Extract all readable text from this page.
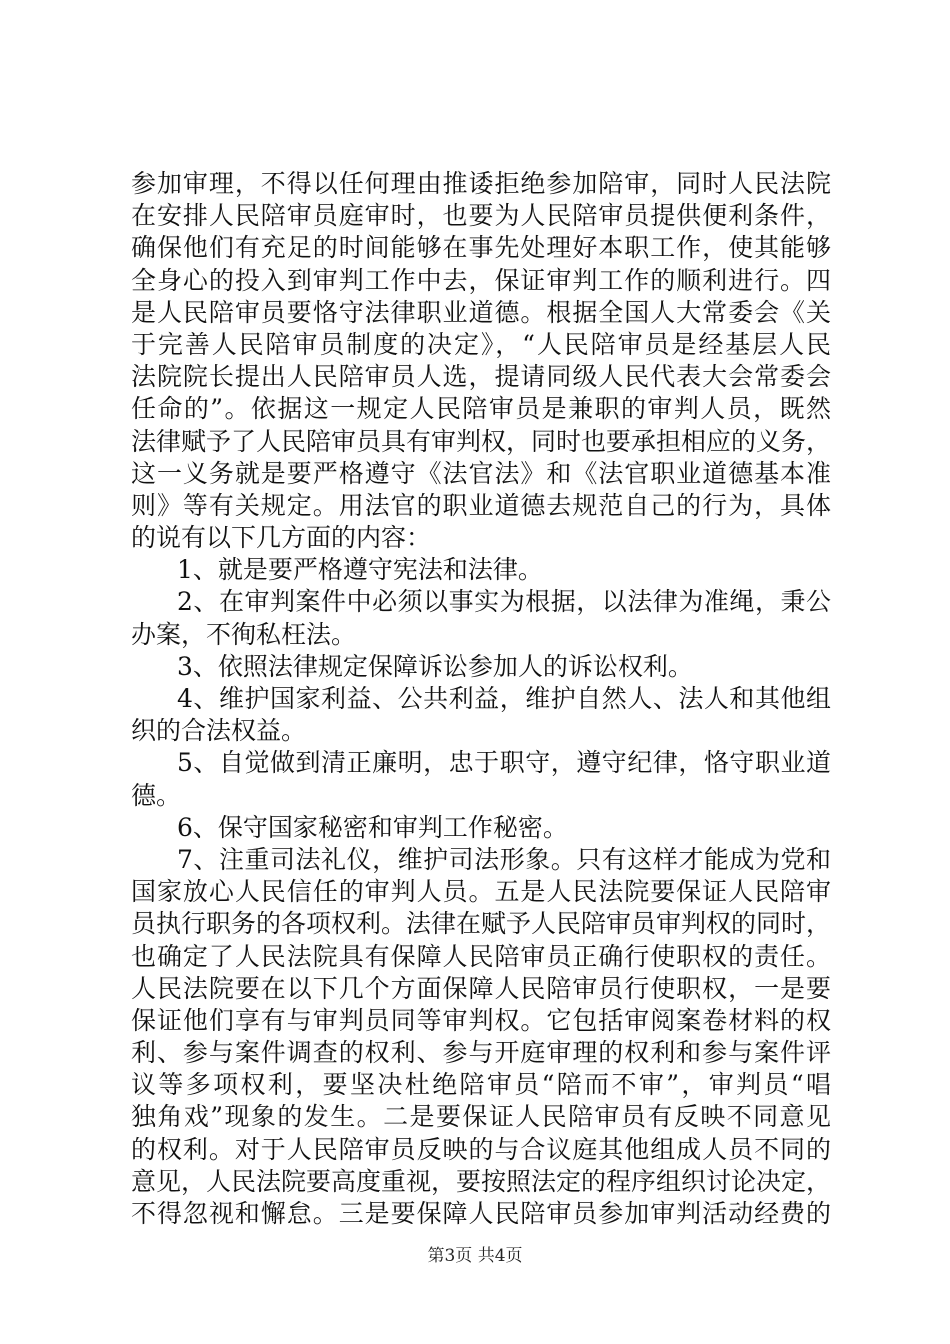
参加审理，不得以任何理由推诿拒绝参加陪审，同时人民法院
在安排人民陪审员庭审时，也要为人民陪审员提供便利条件，
确保他们有充足的时间能够在事先处理好本职工作，使其能够
全身心的投入到审判工作中去，保证审判工作的顺利进行。四
是人民陪审员要恪守法律职业道德。根据全国人大常委会《关
于完善人民陪审员制度的决定》，“人民陪审员是经基层人民
法院院长提出人民陪审员人选，提请同级人民代表大会常委会
任命的”。依据这一规定人民陪审员是兼职的审判人员，既然
法律赋予了人民陪审员具有审判权，同时也要承担相应的义务，
这一义务就是要严格遵守《法官法》和《法官职业道德基本准
则》等有关规定。用法官的职业道德去规范自己的行为，具体
的说有以下几方面的内容：
1、就是要严格遵守宪法和法律。
2、在审判案件中必须以事实为根据，以法律为准绳，秉公
办案，不徇私枉法。
3、依照法律规定保障诉讼参加人的诉讼权利。
4、维护国家利益、公共利益，维护自然人、法人和其他组
织的合法权益。
5、自觉做到清正廉明，忠于职守，遵守纪律，恪守职业道
德。
6、保守国家秘密和审判工作秘密。
7、注重司法礼仪，维护司法形象。只有这样才能成为党和
国家放心人民信任的审判人员。五是人民法院要保证人民陪审
员执行职务的各项权利。法律在赋予人民陪审员审判权的同时，
也确定了人民法院具有保障人民陪审员正确行使职权的责任。
人民法院要在以下几个方面保障人民陪审员行使职权，一是要
保证他们享有与审判员同等审判权。它包括审阅案卷材料的权
利、参与案件调查的权利、参与开庭审理的权利和参与案件评
议等多项权利，要坚决杜绝陪审员“陪而不审”，审判员“唱
独角戏”现象的发生。二是要保证人民陪审员有反映不同意见
的权利。对于人民陪审员反映的与合议庭其他组成人员不同的
意见，人民法院要高度重视，要按照法定的程序组织讨论决定，
不得忽视和懈怠。三是要保障人民陪审员参加审判活动经费的
第3页 共4页
